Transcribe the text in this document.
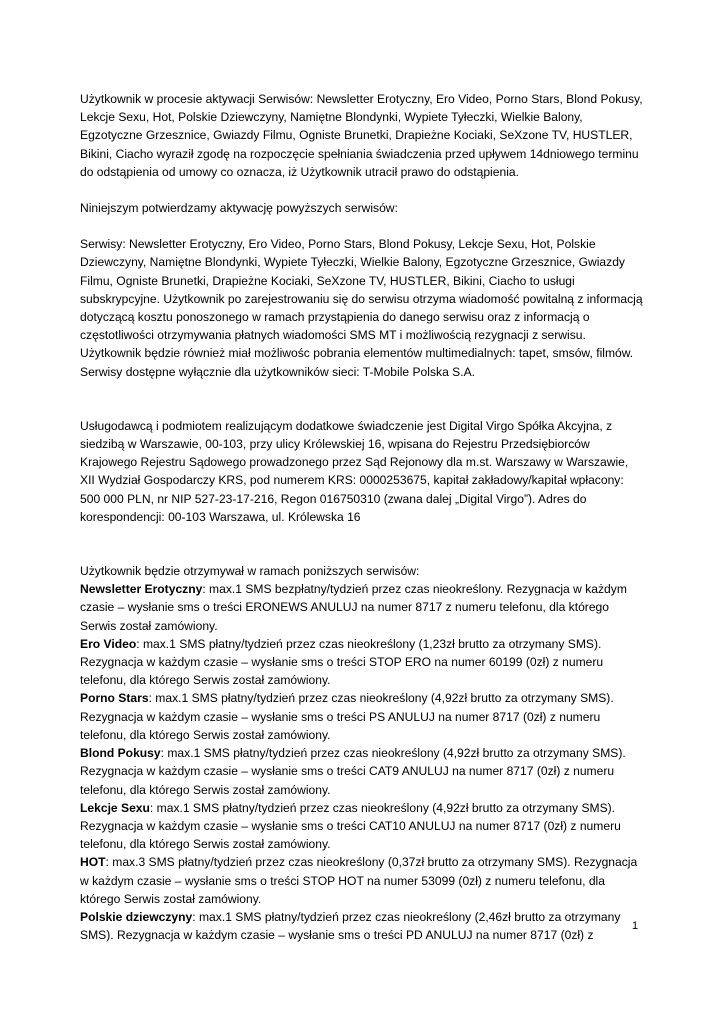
Użytkownik w procesie aktywacji Serwisów: Newsletter Erotyczny, Ero Video, Porno Stars, Blond Pokusy, Lekcje Sexu, Hot, Polskie Dziewczyny, Namiętne Blondynki, Wypiete Tyłeczki, Wielkie Balony, Egzotyczne Grzesznice, Gwiazdy Filmu, Ogniste Brunetki, Drapieżne Kociaki, SeXzone TV, HUSTLER, Bikini, Ciacho wyraził zgodę na rozpoczęcie spełniania świadczenia przed upływem 14dniowego terminu do odstąpienia od umowy co oznacza, iż Użytkownik utracił prawo do odstąpienia.

Niniejszym potwierdzamy aktywację powyższych serwisów:

Serwisy: Newsletter Erotyczny, Ero Video, Porno Stars, Blond Pokusy, Lekcje Sexu, Hot, Polskie Dziewczyny, Namiętne Blondynki, Wypiete Tyłeczki, Wielkie Balony, Egzotyczne Grzesznice, Gwiazdy Filmu, Ogniste Brunetki, Drapieżne Kociaki, SeXzone TV, HUSTLER, Bikini, Ciacho to usługi subskrypcyjne. Użytkownik po zarejestrowaniu się do serwisu otrzyma wiadomość powitalną z informacją dotyczącą kosztu ponoszonego w ramach przystąpienia do danego serwisu oraz z informacją o częstotliwości otrzymywania płatnych wiadomości SMS MT i możliwością rezygnacji z serwisu. Użytkownik będzie również miał możliwośc pobrania elementów multimedialnych: tapet, smsów, filmów. Serwisy dostępne wyłącznie dla użytkowników sieci: T-Mobile Polska S.A.

Usługodawcą i podmiotem realizującym dodatkowe świadczenie jest Digital Virgo Spółka Akcyjna, z siedzibą w Warszawie, 00-103, przy ulicy Królewskiej 16, wpisana do Rejestru Przedsiębiorców Krajowego Rejestru Sądowego prowadzonego przez Sąd Rejonowy dla m.st. Warszawy w Warszawie, XII Wydział Gospodarczy KRS, pod numerem KRS: 0000253675, kapitał zakładowy/kapitał wpłacony: 500 000 PLN, nr NIP 527-23-17-216, Regon 016750310 (zwana dalej „Digital Virgo”). Adres do korespondencji: 00-103 Warszawa, ul. Królewska 16

Użytkownik będzie otrzymywał w ramach poniższych serwisów:

Newsletter Erotyczny: max.1 SMS bezpłatny/tydzień przez czas nieokreślony. Rezygnacja w każdym czasie – wysłanie sms o treści ERONEWS ANULUJ na numer 8717 z numeru telefonu, dla którego Serwis został zamówiony.

Ero Video: max.1 SMS płatny/tydzień przez czas nieokreślony (1,23zł brutto za otrzymany SMS). Rezygnacja w każdym czasie – wysłanie sms o treści STOP ERO na numer 60199 (0zł) z numeru telefonu, dla którego Serwis został zamówiony.

Porno Stars: max.1 SMS płatny/tydzień przez czas nieokreślony (4,92zł brutto za otrzymany SMS). Rezygnacja w każdym czasie – wysłanie sms o treści PS ANULUJ na numer 8717 (0zł) z numeru telefonu, dla którego Serwis został zamówiony.

Blond Pokusy: max.1 SMS płatny/tydzień przez czas nieokreślony (4,92zł brutto za otrzymany SMS). Rezygnacja w każdym czasie – wysłanie sms o treści CAT9 ANULUJ na numer 8717 (0zł) z numeru telefonu, dla którego Serwis został zamówiony.

Lekcje Sexu: max.1 SMS płatny/tydzień przez czas nieokreślony (4,92zł brutto za otrzymany SMS). Rezygnacja w każdym czasie – wysłanie sms o treści CAT10 ANULUJ na numer 8717 (0zł) z numeru telefonu, dla którego Serwis został zamówiony.

HOT: max.3 SMS płatny/tydzień przez czas nieokreślony (0,37zł brutto za otrzymany SMS). Rezygnacja w każdym czasie – wysłanie sms o treści STOP HOT na numer 53099 (0zł) z numeru telefonu, dla którego Serwis został zamówiony.

Polskie dziewczyny: max.1 SMS płatny/tydzień przez czas nieokreślony (2,46zł brutto za otrzymany SMS). Rezygnacja w każdym czasie – wysłanie sms o treści PD ANULUJ na numer 8717 (0zł) z

1
